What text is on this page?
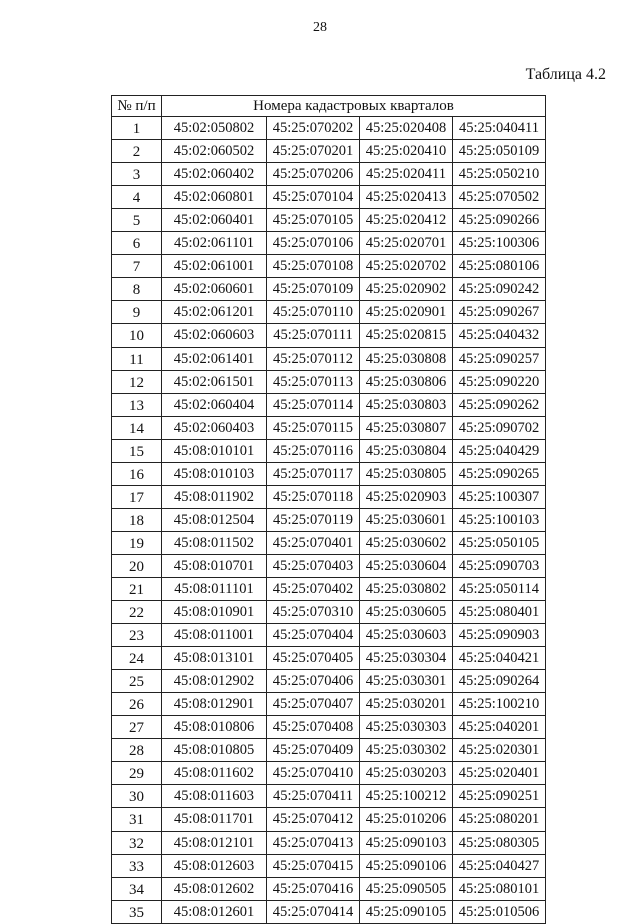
28
Таблица 4.2
№ п/п	Номера кадастровых кварталов			
1	45:02:050802	45:25:070202	45:25:020408	45:25:040411
2	45:02:060502	45:25:070201	45:25:020410	45:25:050109
3	45:02:060402	45:25:070206	45:25:020411	45:25:050210
4	45:02:060801	45:25:070104	45:25:020413	45:25:070502
5	45:02:060401	45:25:070105	45:25:020412	45:25:090266
6	45:02:061101	45:25:070106	45:25:020701	45:25:100306
7	45:02:061001	45:25:070108	45:25:020702	45:25:080106
8	45:02:060601	45:25:070109	45:25:020902	45:25:090242
9	45:02:061201	45:25:070110	45:25:020901	45:25:090267
10	45:02:060603	45:25:070111	45:25:020815	45:25:040432
11	45:02:061401	45:25:070112	45:25:030808	45:25:090257
12	45:02:061501	45:25:070113	45:25:030806	45:25:090220
13	45:02:060404	45:25:070114	45:25:030803	45:25:090262
14	45:02:060403	45:25:070115	45:25:030807	45:25:090702
15	45:08:010101	45:25:070116	45:25:030804	45:25:040429
16	45:08:010103	45:25:070117	45:25:030805	45:25:090265
17	45:08:011902	45:25:070118	45:25:020903	45:25:100307
18	45:08:012504	45:25:070119	45:25:030601	45:25:100103
19	45:08:011502	45:25:070401	45:25:030602	45:25:050105
20	45:08:010701	45:25:070403	45:25:030604	45:25:090703
21	45:08:011101	45:25:070402	45:25:030802	45:25:050114
22	45:08:010901	45:25:070310	45:25:030605	45:25:080401
23	45:08:011001	45:25:070404	45:25:030603	45:25:090903
24	45:08:013101	45:25:070405	45:25:030304	45:25:040421
25	45:08:012902	45:25:070406	45:25:030301	45:25:090264
26	45:08:012901	45:25:070407	45:25:030201	45:25:100210
27	45:08:010806	45:25:070408	45:25:030303	45:25:040201
28	45:08:010805	45:25:070409	45:25:030302	45:25:020301
29	45:08:011602	45:25:070410	45:25:030203	45:25:020401
30	45:08:011603	45:25:070411	45:25:100212	45:25:090251
31	45:08:011701	45:25:070412	45:25:010206	45:25:080201
32	45:08:012101	45:25:070413	45:25:090103	45:25:080305
33	45:08:012603	45:25:070415	45:25:090106	45:25:040427
34	45:08:012602	45:25:070416	45:25:090505	45:25:080101
35	45:08:012601	45:25:070414	45:25:090105	45:25:010506
